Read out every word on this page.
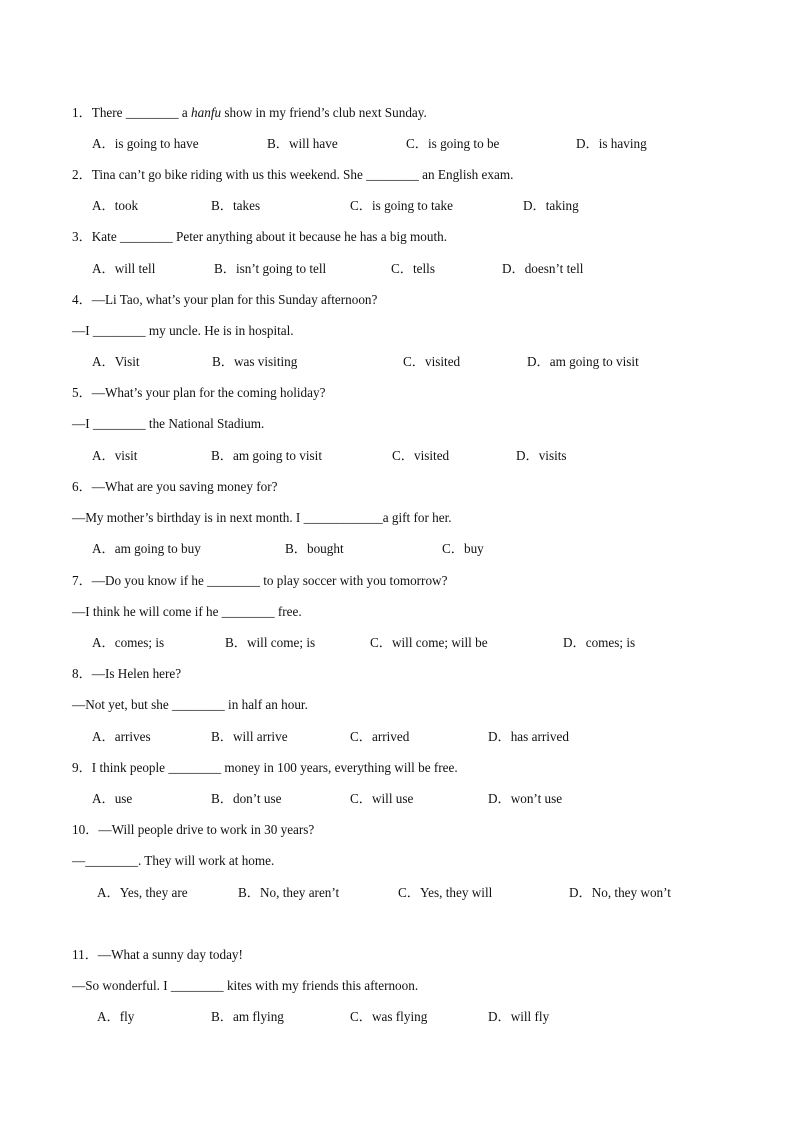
1．There ________ a hanfu show in my friend’s club next Sunday.
A．is going to have	B．will have	C．is going to be	D．is having
2．Tina can’t go bike riding with us this weekend. She ________ an English exam.
A．took	B．takes	C．is going to take	D．taking
3．Kate ________ Peter anything about it because he has a big mouth.
A．will tell	B．isn’t going to tell	C．tells	D．doesn’t tell
4．—Li Tao, what’s your plan for this Sunday afternoon?
—I ________ my uncle. He is in hospital.
A．Visit	B．was visiting	C．visited	D．am going to visit
5．—What’s your plan for the coming holiday?
—I ________ the National Stadium.
A．visit	B．am going to visit	C．visited	D．visits
6．—What are you saving money for?
—My mother’s birthday is in next month. I ____________a gift for her.
A．am going to buy	B．bought	C．buy
7．—Do you know if he ________ to play soccer with you tomorrow?
—I think he will come if he ________ free.
A．comes; is	B．will come; is	C．will come; will be	D．comes; is
8．—Is Helen here?
—Not yet, but she ________ in half an hour.
A．arrives	B．will arrive	C．arrived	D．has arrived
9．I think people ________ money in 100 years, everything will be free.
A．use	B．don’t use	C．will use	D．won’t use
10．—Will people drive to work in 30 years?
—________. They will work at home.
A．Yes, they are	B．No, they aren’t	C．Yes, they will	D．No, they won’t
11．—What a sunny day today!
—So wonderful. I ________ kites with my friends this afternoon.
A．fly	B．am flying	C．was flying	D．will fly
